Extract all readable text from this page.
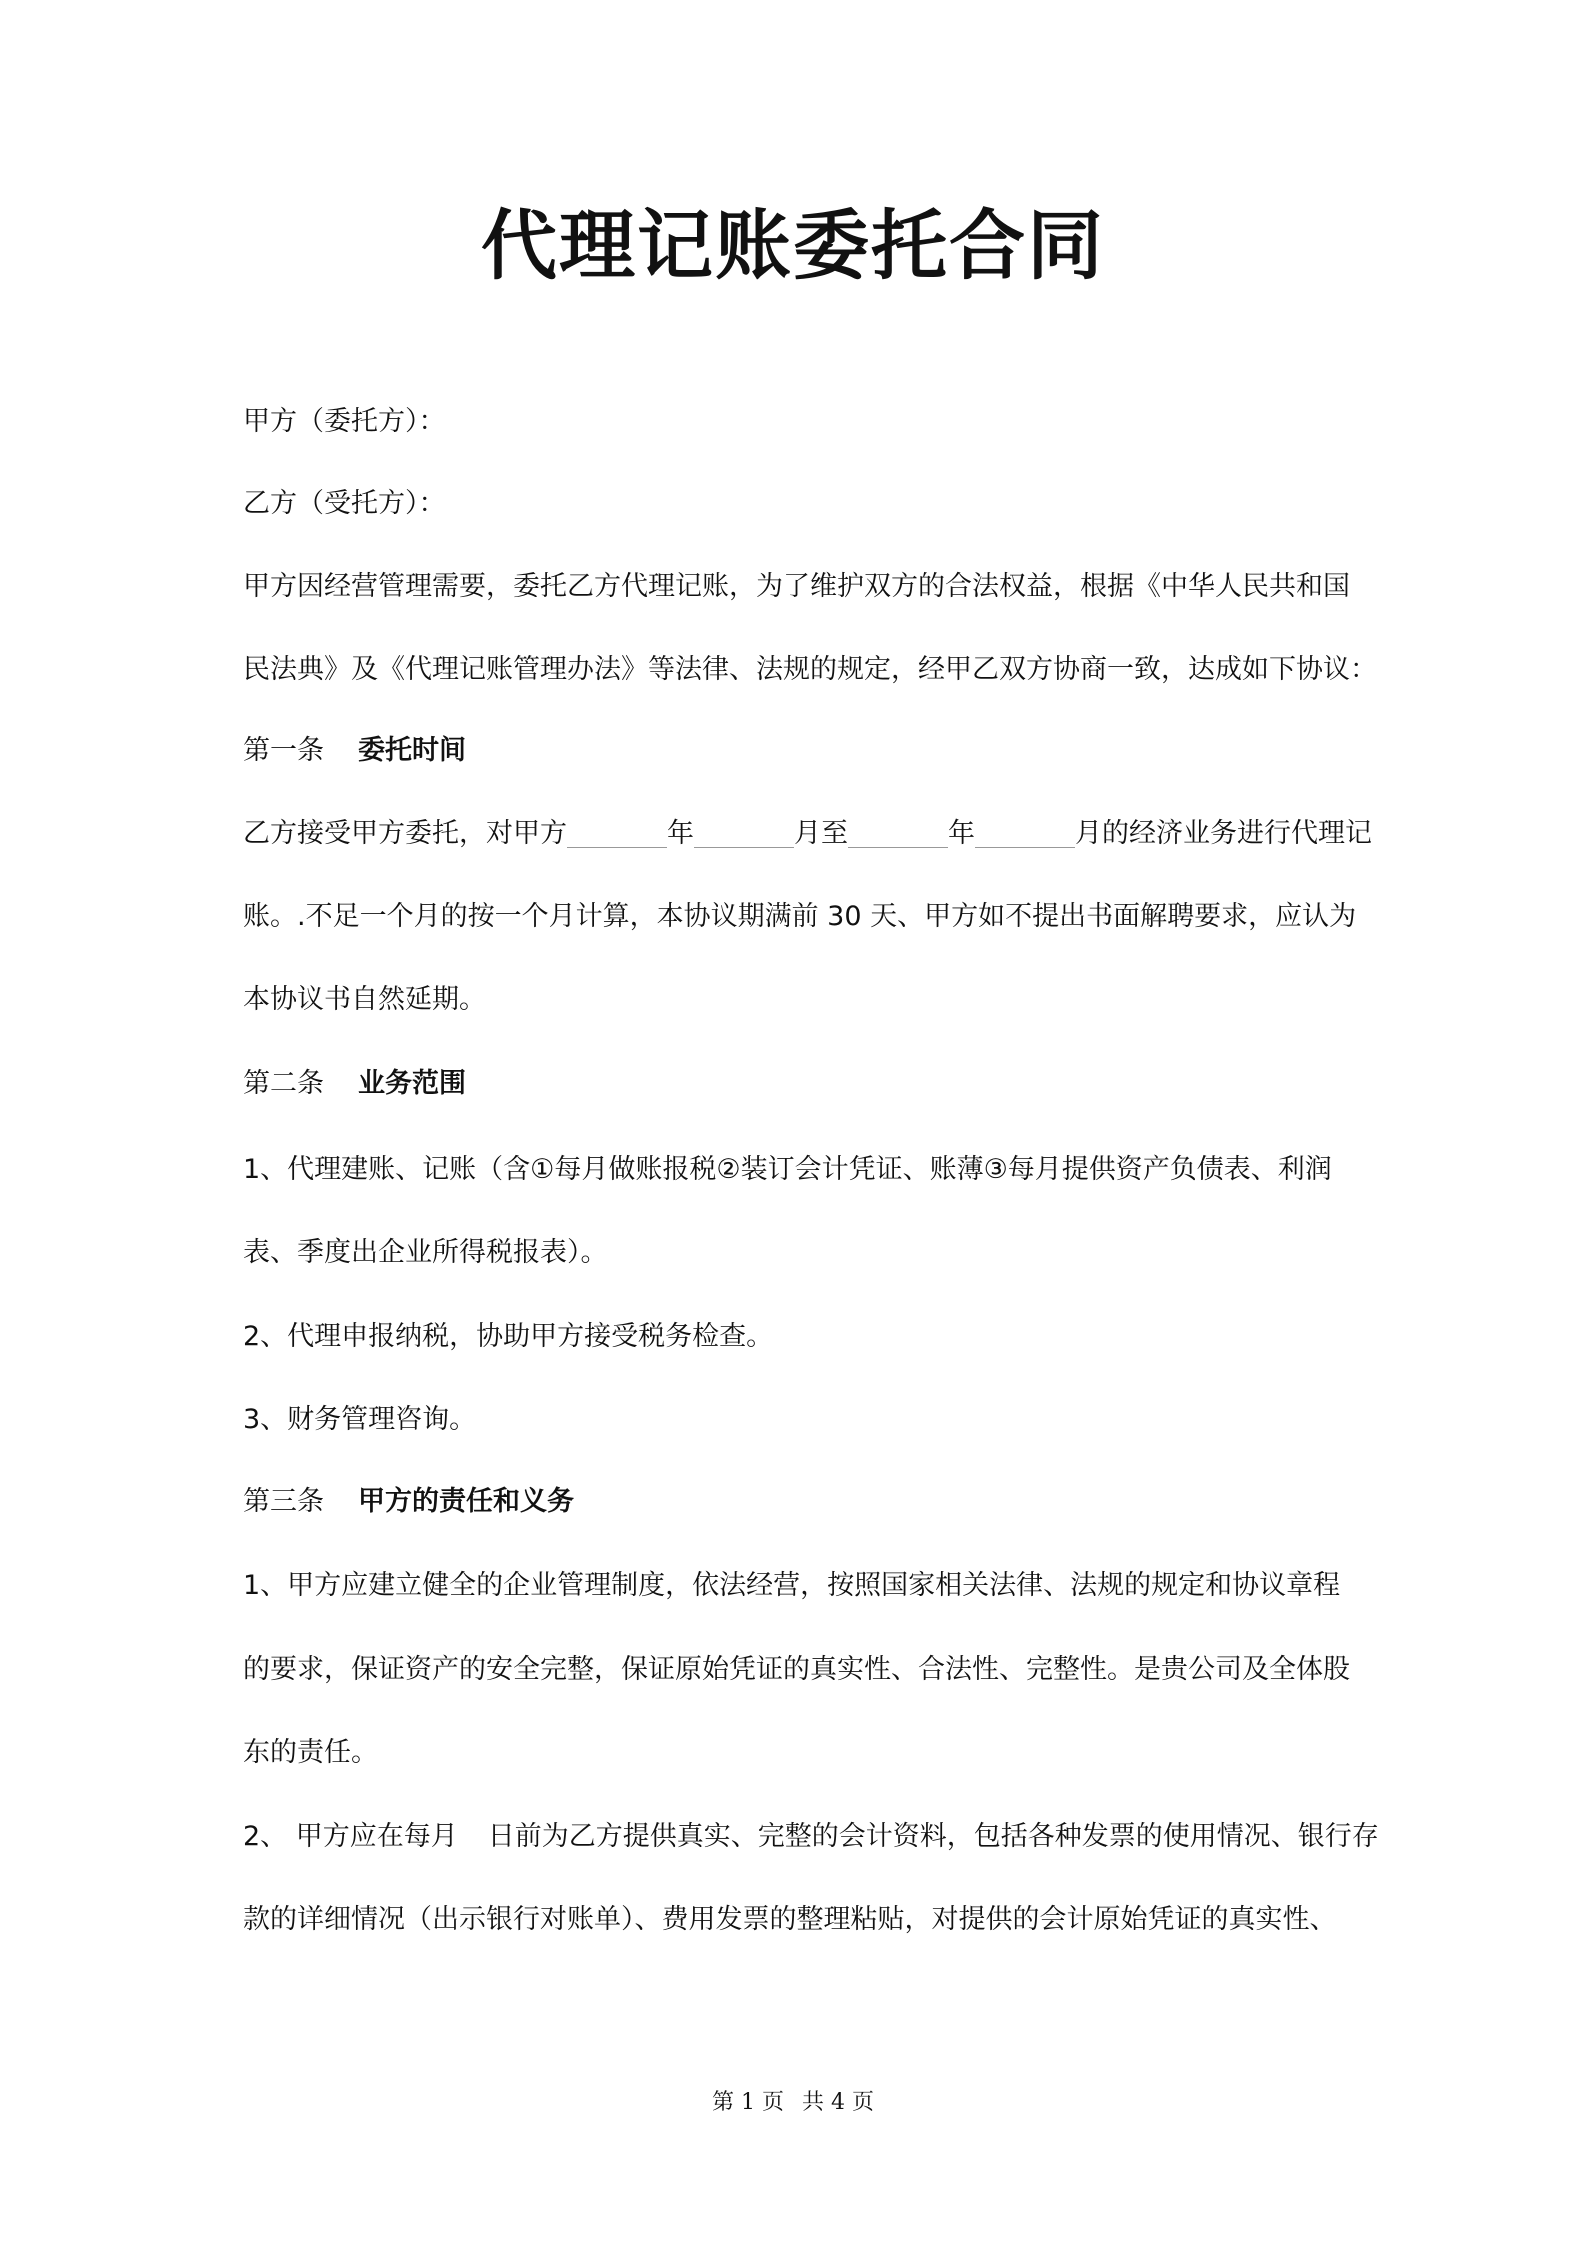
代理记账委托合同
甲方（委托方）：
乙方（受托方）：
甲方因经营管理需要，委托乙方代理记账，为了维护双方的合法权益，根据《中华人民共和国
民法典》及《代理记账管理办法》等法律、法规的规定，经甲乙双方协商一致，达成如下协议：
第一条 委托时间
乙方接受甲方委托，对甲方	年	月至	年	月的经济业务进行代理记
账。.不足一个月的按一个月计算，本协议期满前 30 天、甲方如不提出书面解聘要求，应认为
本协议书自然延期。
第二条 业务范围
1、代理建账、记账（含①每月做账报税②装订会计凭证、账薄③每月提供资产负债表、利润
表、季度出企业所得税报表）。
2、代理申报纳税，协助甲方接受税务检查。
3、财务管理咨询。
第三条 甲方的责任和义务
1、甲方应建立健全的企业管理制度，依法经营，按照国家相关法律、法规的规定和协议章程
的要求，保证资产的安全完整，保证原始凭证的真实性、合法性、完整性。是贵公司及全体股
东的责任。
2、 甲方应在每月 日前为乙方提供真实、完整的会计资料，包括各种发票的使用情况、银行存
款的详细情况（出示银行对账单）、费用发票的整理粘贴，对提供的会计原始凭证的真实性、
第 1 页 共 4 页
